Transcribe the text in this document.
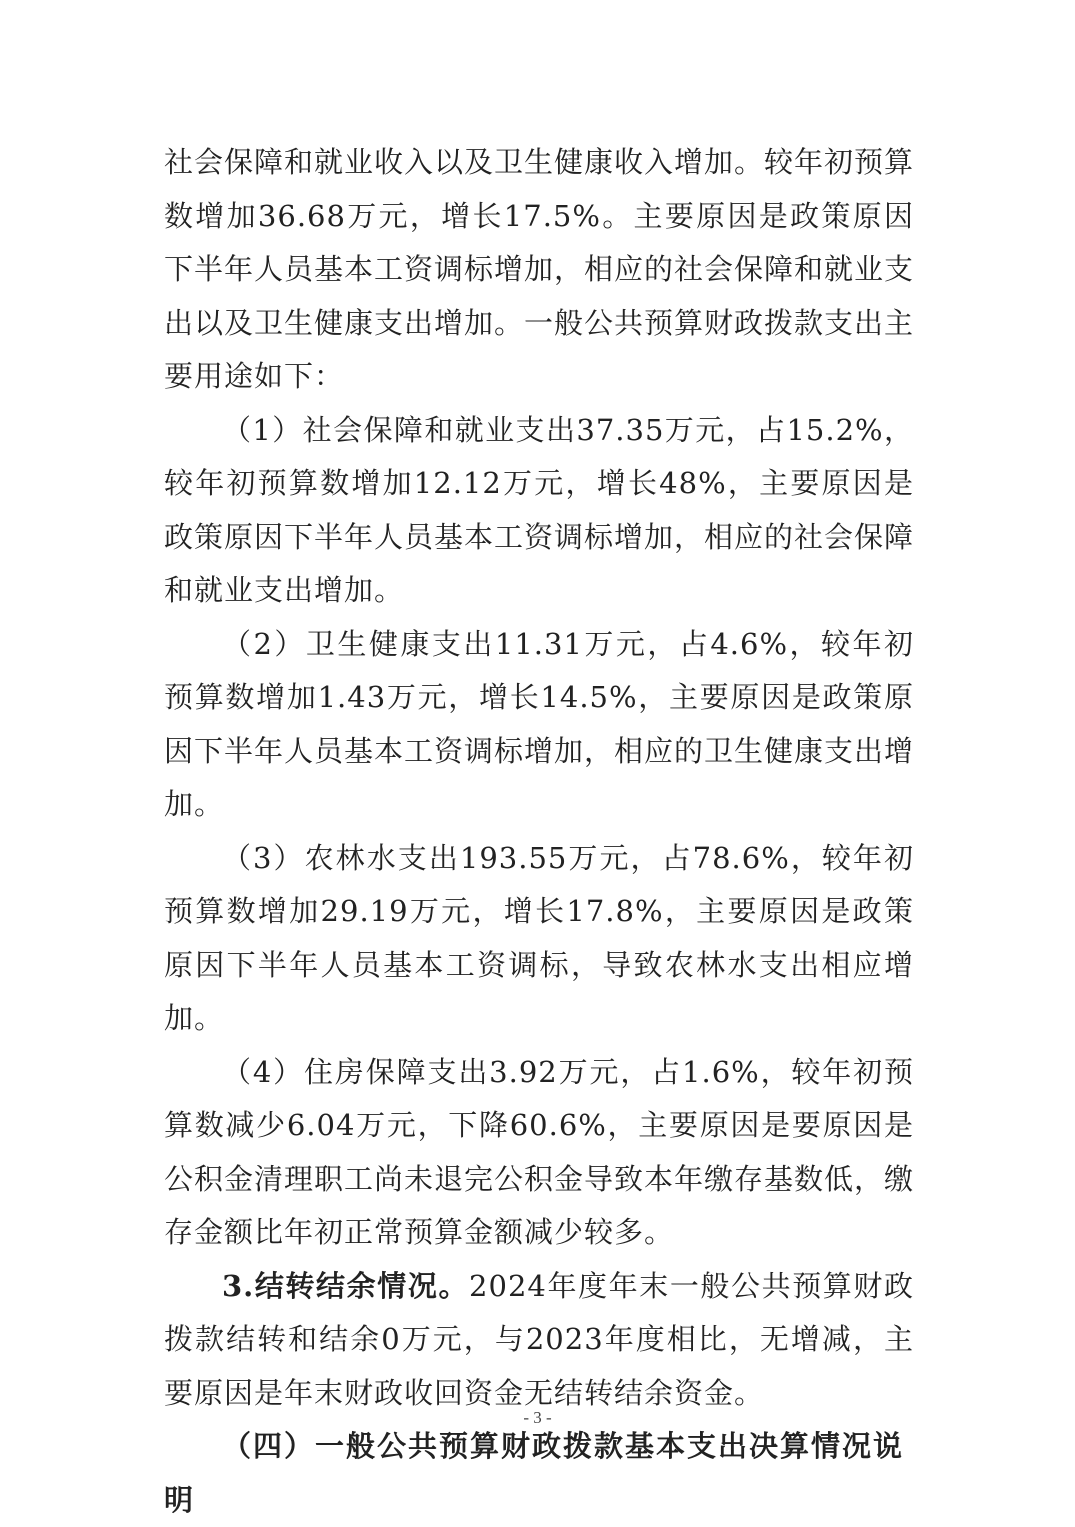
社会保障和就业收入以及卫生健康收入增加。较年初预算数增加36.68万元，增长17.5%。主要原因是政策原因下半年人员基本工资调标增加，相应的社会保障和就业支出以及卫生健康支出增加。一般公共预算财政拨款支出主要用途如下：

（1）社会保障和就业支出37.35万元，占15.2%，较年初预算数增加12.12万元，增长48%，主要原因是政策原因下半年人员基本工资调标增加，相应的社会保障和就业支出增加。

（2）卫生健康支出11.31万元，占4.6%，较年初预算数增加1.43万元，增长14.5%，主要原因是政策原因下半年人员基本工资调标增加，相应的卫生健康支出增加。

（3）农林水支出193.55万元，占78.6%，较年初预算数增加29.19万元，增长17.8%，主要原因是政策原因下半年人员基本工资调标，导致农林水支出相应增加。

（4）住房保障支出3.92万元，占1.6%，较年初预算数减少6.04万元，下降60.6%，主要原因是要原因是公积金清理职工尚未退完公积金导致本年缴存基数低，缴存金额比年初正常预算金额减少较多。

3.结转结余情况。2024年度年末一般公共预算财政拨款结转和结余0万元，与2023年度相比，无增减，主要原因是年末财政收回资金无结转结余资金。

（四）一般公共预算财政拨款基本支出决算情况说明

- 3 -
